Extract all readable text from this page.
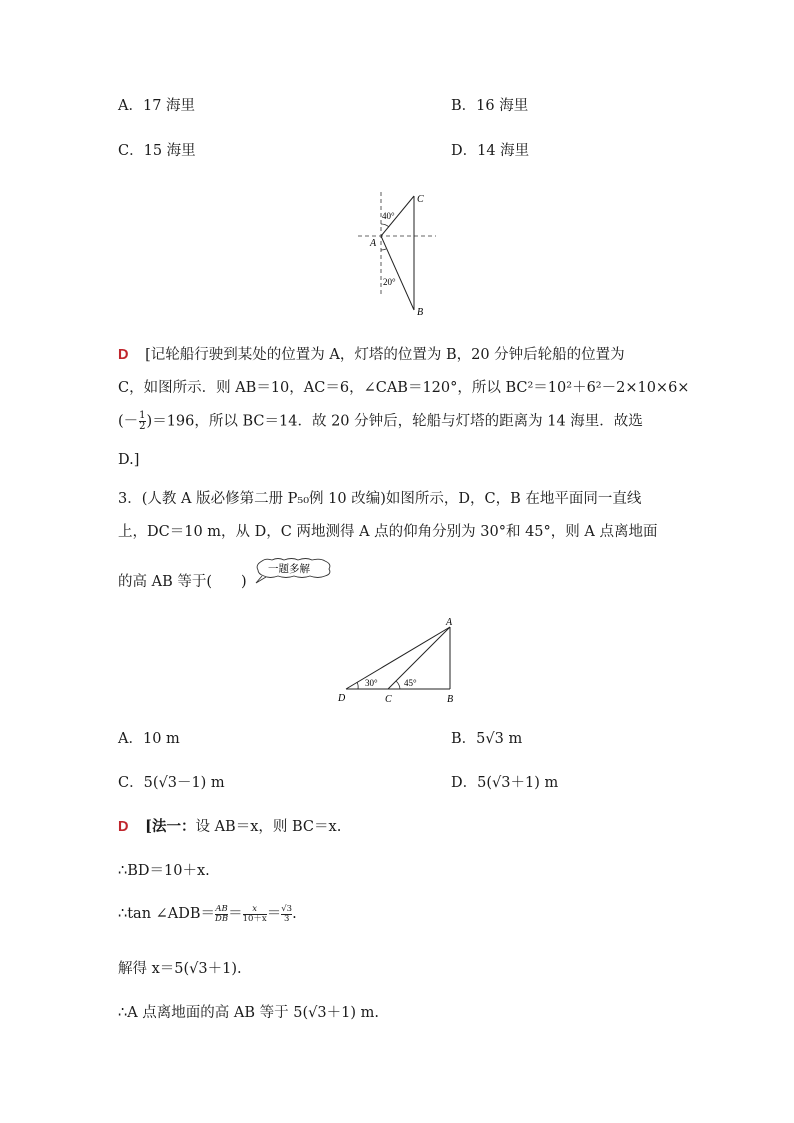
A．17 海里	B．16 海里
C．15 海里	D．14 海里
C
A
B
40°
20°
D [记轮船行驶到某处的位置为 A，灯塔的位置为 B，20 分钟后轮船的位置为
C，如图所示．则 AB＝10，AC＝6，∠CAB＝120°，所以 BC²＝10²＋6²－2×10×6×
(－ $\frac{1}{2} )=196$，所以 BC＝14．故 20 分钟后，轮船与灯塔的距离为 14 海里．故选
D.]
3．(人教 A 版必修第二册 P₅₀例 10 改编)如图所示，D，C，B 在地平面同一直线
上，DC＝10 m，从 D，C 两地测得 A 点的仰角分别为 30°和 45°，则 A 点离地面
的高 AB 等于(　　)
一题多解
A
D	C	B
30°	45°
A．10 m	B．5√3 m
C．5(√3－1) m	D．5(√3＋1) m
D [法一：设 AB＝x，则 BC＝x.
∴BD＝10＋x.
∴tan ∠ADB＝ $\frac{AB}{DB} = \frac{x}{10+x} = \frac{√3}{3}$ .
解得 x＝5(√3＋1).
∴A 点离地面的高 AB 等于 5(√3＋1) m.
